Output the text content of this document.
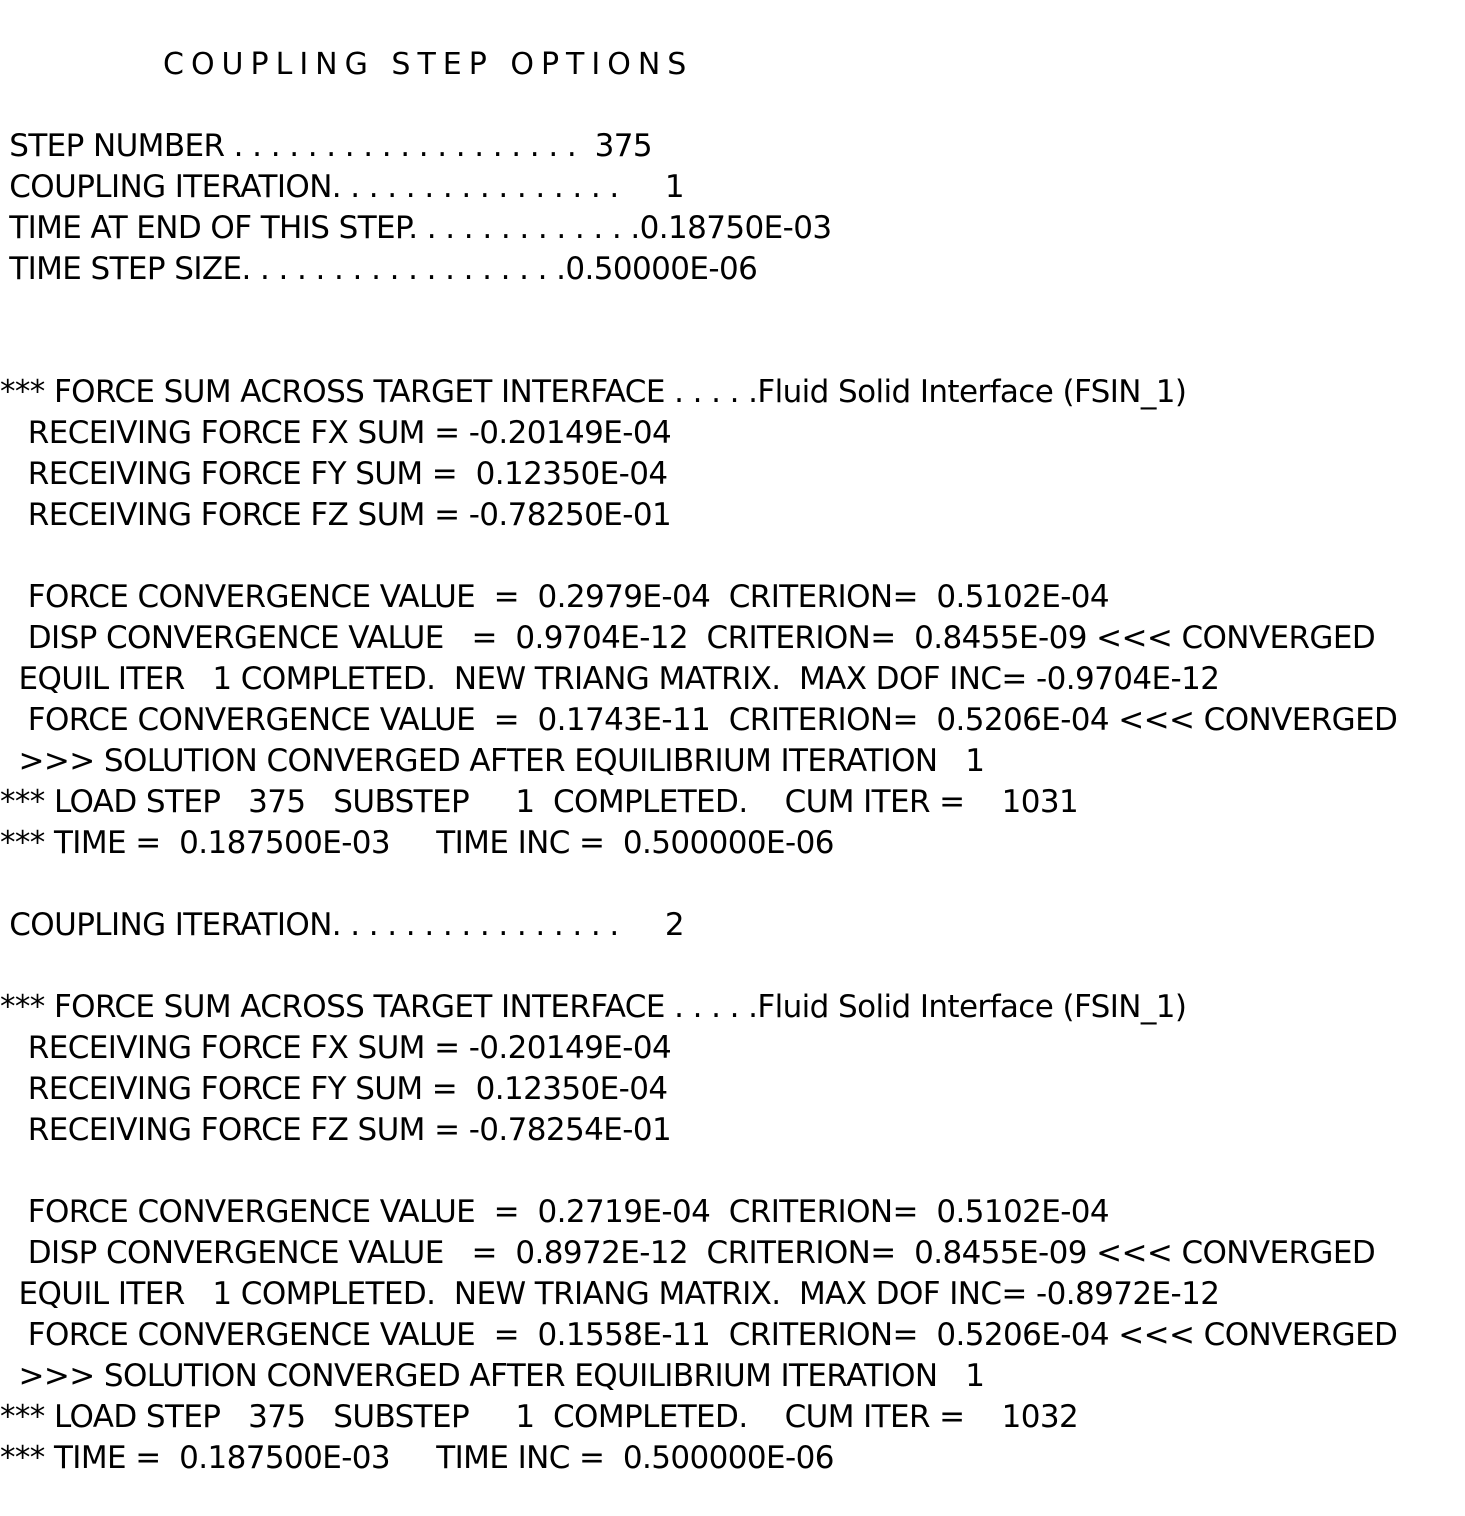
COUPLING STEP OPTIONS
STEP NUMBER . . . . . . . . . . . . . . . . . . .  375
COUPLING ITERATION. . . . . . . . . . . . . . . .     1
TIME AT END OF THIS STEP. . . . . . . . . . . . .0.18750E-03
TIME STEP SIZE. . . . . . . . . . . . . . . . . .0.50000E-06
*** FORCE SUM ACROSS TARGET INTERFACE . . . . .Fluid Solid Interface (FSIN_1)
RECEIVING FORCE FX SUM = -0.20149E-04
RECEIVING FORCE FY SUM =  0.12350E-04
RECEIVING FORCE FZ SUM = -0.78250E-01
FORCE CONVERGENCE VALUE  =  0.2979E-04  CRITERION=  0.5102E-04
DISP CONVERGENCE VALUE   =  0.9704E-12  CRITERION=  0.8455E-09 <<< CONVERGED
EQUIL ITER   1 COMPLETED.  NEW TRIANG MATRIX.  MAX DOF INC= -0.9704E-12
FORCE CONVERGENCE VALUE  =  0.1743E-11  CRITERION=  0.5206E-04 <<< CONVERGED
>>> SOLUTION CONVERGED AFTER EQUILIBRIUM ITERATION   1
*** LOAD STEP   375   SUBSTEP     1  COMPLETED.    CUM ITER =    1031
*** TIME =  0.187500E-03     TIME INC =  0.500000E-06
COUPLING ITERATION. . . . . . . . . . . . . . . .     2
*** FORCE SUM ACROSS TARGET INTERFACE . . . . .Fluid Solid Interface (FSIN_1)
RECEIVING FORCE FX SUM = -0.20149E-04
RECEIVING FORCE FY SUM =  0.12350E-04
RECEIVING FORCE FZ SUM = -0.78254E-01
FORCE CONVERGENCE VALUE  =  0.2719E-04  CRITERION=  0.5102E-04
DISP CONVERGENCE VALUE   =  0.8972E-12  CRITERION=  0.8455E-09 <<< CONVERGED
EQUIL ITER   1 COMPLETED.  NEW TRIANG MATRIX.  MAX DOF INC= -0.8972E-12
FORCE CONVERGENCE VALUE  =  0.1558E-11  CRITERION=  0.5206E-04 <<< CONVERGED
>>> SOLUTION CONVERGED AFTER EQUILIBRIUM ITERATION   1
*** LOAD STEP   375   SUBSTEP     1  COMPLETED.    CUM ITER =    1032
*** TIME =  0.187500E-03     TIME INC =  0.500000E-06
